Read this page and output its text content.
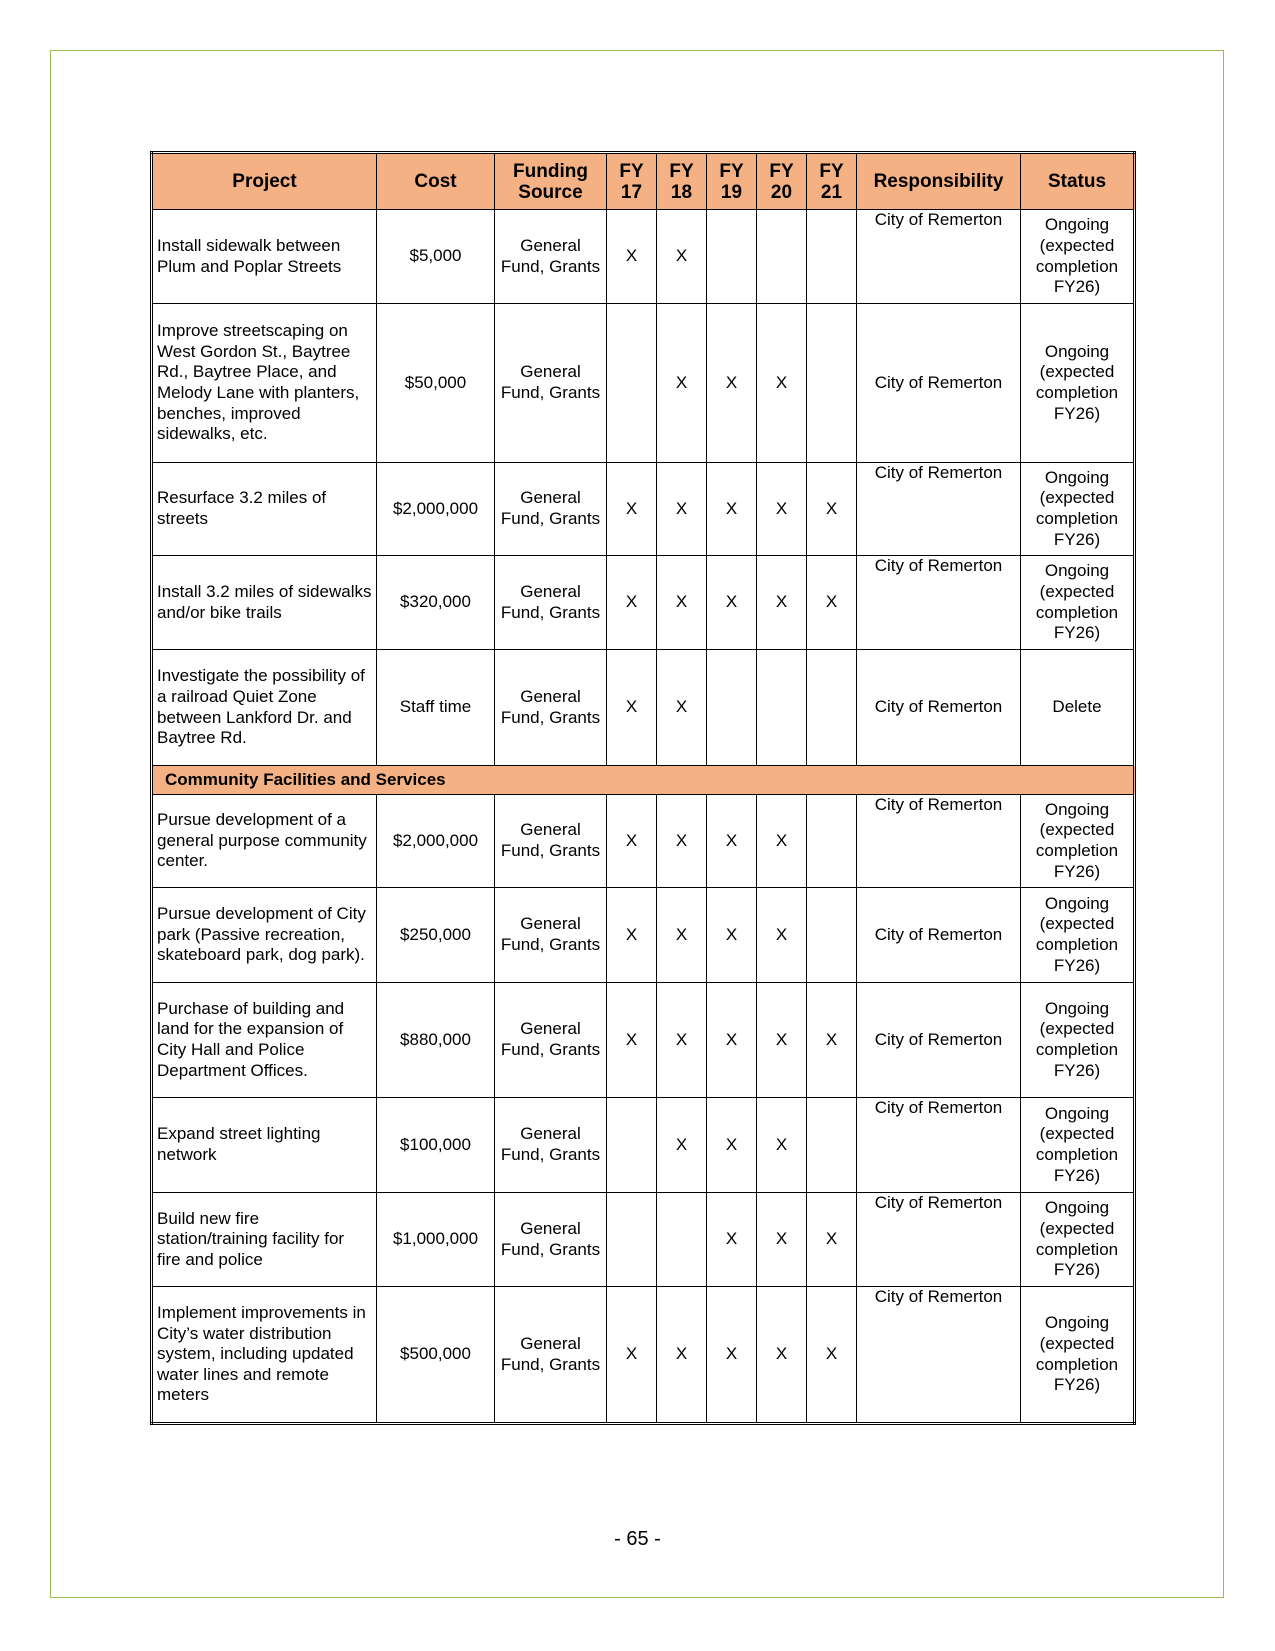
Project	Cost	Funding Source	FY 17	FY 18	FY 19	FY 20	FY 21	Responsibility	Status
Install sidewalk between Plum and Poplar Streets	$5,000	General Fund, Grants	X	X				City of Remerton	Ongoing (expected completion FY26)
Improve streetscaping on West Gordon St., Baytree Rd., Baytree Place, and Melody Lane with planters, benches, improved sidewalks, etc.	$50,000	General Fund, Grants		X	X	X		City of Remerton	Ongoing (expected completion FY26)
Resurface 3.2 miles of streets	$2,000,000	General Fund, Grants	X	X	X	X	X	City of Remerton	Ongoing (expected completion FY26)
Install 3.2 miles of sidewalks and/or bike trails	$320,000	General Fund, Grants	X	X	X	X	X	City of Remerton	Ongoing (expected completion FY26)
Investigate the possibility of a railroad Quiet Zone between Lankford Dr. and Baytree Rd.	Staff time	General Fund, Grants	X	X				City of Remerton	Delete
Community Facilities and Services									
Pursue development of a general purpose community center.	$2,000,000	General Fund, Grants	X	X	X	X		City of Remerton	Ongoing (expected completion FY26)
Pursue development of City park (Passive recreation, skateboard park, dog park).	$250,000	General Fund, Grants	X	X	X	X		City of Remerton	Ongoing (expected completion FY26)
Purchase of building and land for the expansion of City Hall and Police Department Offices.	$880,000	General Fund, Grants	X	X	X	X	X	City of Remerton	Ongoing (expected completion FY26)
Expand street lighting network	$100,000	General Fund, Grants		X	X	X		City of Remerton	Ongoing (expected completion FY26)
Build new fire station/training facility for fire and police	$1,000,000	General Fund, Grants			X	X	X	City of Remerton	Ongoing (expected completion FY26)
Implement improvements in City’s water distribution system, including updated water lines and remote meters	$500,000	General Fund, Grants	X	X	X	X	X	City of Remerton	Ongoing (expected completion FY26)
- 65 -
